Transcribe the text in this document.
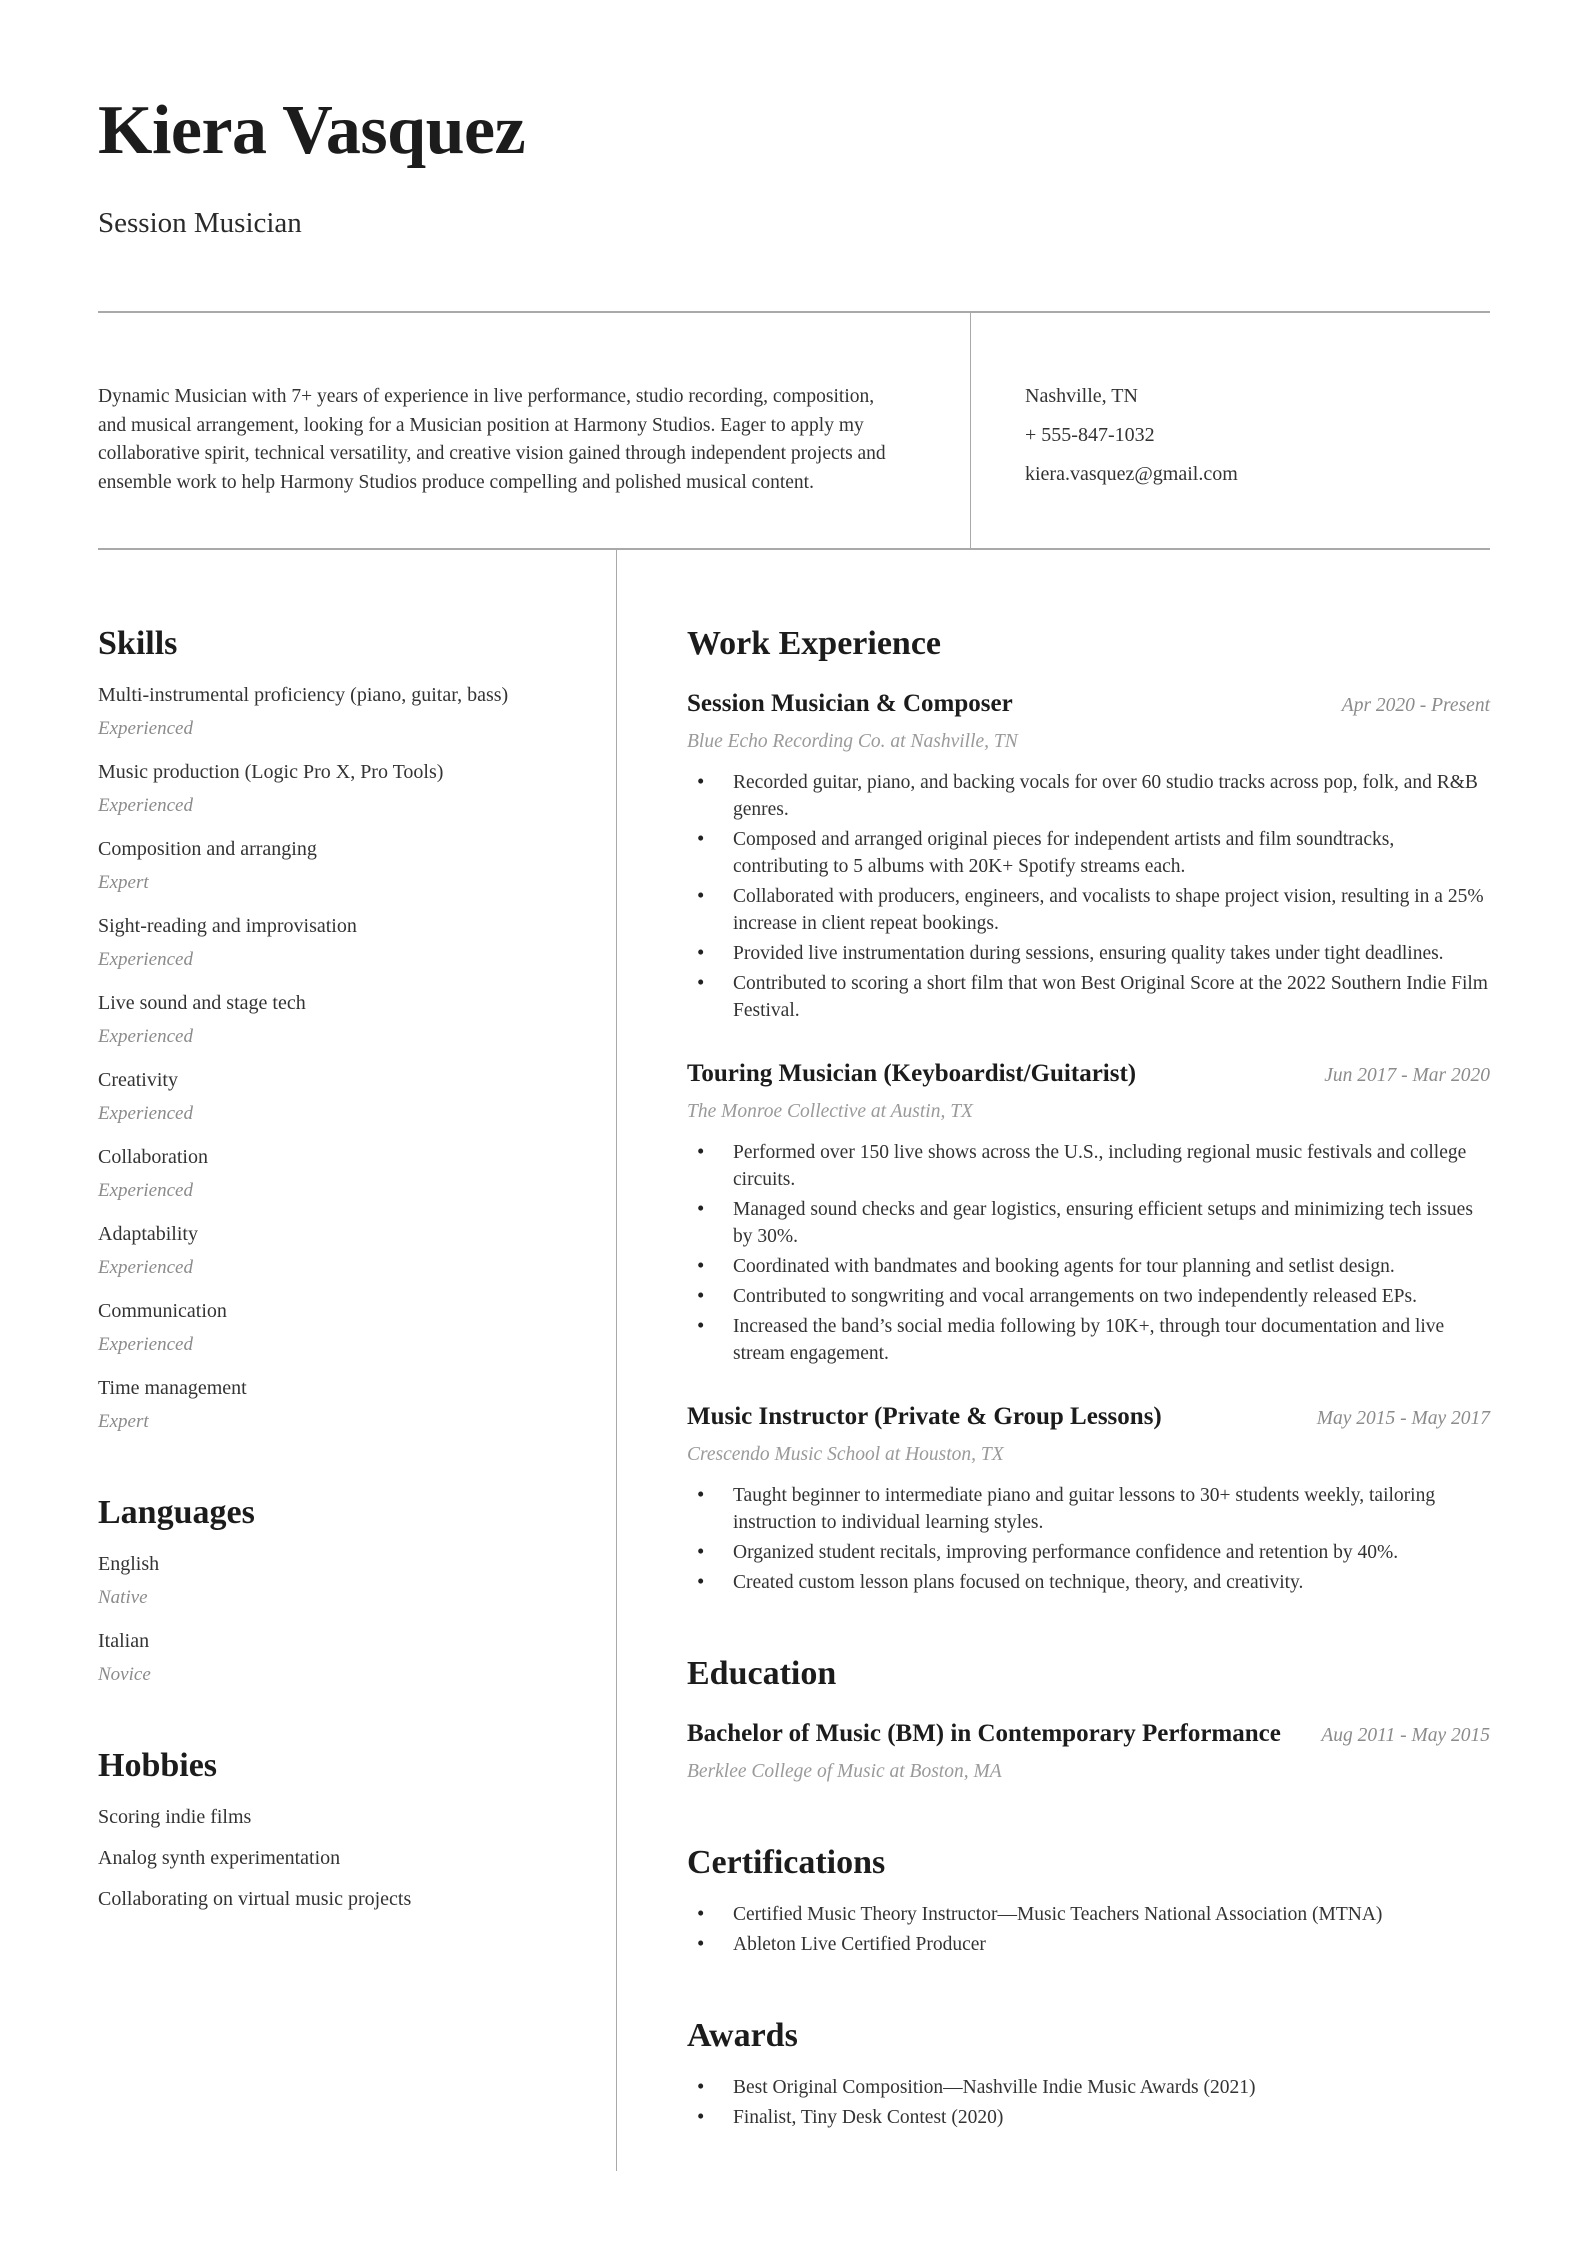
Kiera Vasquez
Session Musician

Dynamic Musician with 7+ years of experience in live performance, studio recording, composition, and musical arrangement, looking for a Musician position at Harmony Studios. Eager to apply my collaborative spirit, technical versatility, and creative vision gained through independent projects and ensemble work to help Harmony Studios produce compelling and polished musical content.

Nashville, TN
+ 555-847-1032
kiera.vasquez@gmail.com
Skills
Multi-instrumental proficiency (piano, guitar, bass)
Experienced
Music production (Logic Pro X, Pro Tools)
Experienced
Composition and arranging
Expert
Sight-reading and improvisation
Experienced
Live sound and stage tech
Experienced
Creativity
Experienced
Collaboration
Experienced
Adaptability
Experienced
Communication
Experienced
Time management
Expert
Languages
English
Native
Italian
Novice
Hobbies
Scoring indie films
Analog synth experimentation
Collaborating on virtual music projects
Work Experience
Session Musician & Composer	Apr 2020 - Present
Blue Echo Recording Co. at Nashville, TN
• Recorded guitar, piano, and backing vocals for over 60 studio tracks across pop, folk, and R&B genres.
• Composed and arranged original pieces for independent artists and film soundtracks, contributing to 5 albums with 20K+ Spotify streams each.
• Collaborated with producers, engineers, and vocalists to shape project vision, resulting in a 25% increase in client repeat bookings.
• Provided live instrumentation during sessions, ensuring quality takes under tight deadlines.
• Contributed to scoring a short film that won Best Original Score at the 2022 Southern Indie Film Festival.
Touring Musician (Keyboardist/Guitarist)	Jun 2017 - Mar 2020
The Monroe Collective at Austin, TX
• Performed over 150 live shows across the U.S., including regional music festivals and college circuits.
• Managed sound checks and gear logistics, ensuring efficient setups and minimizing tech issues by 30%.
• Coordinated with bandmates and booking agents for tour planning and setlist design.
• Contributed to songwriting and vocal arrangements on two independently released EPs.
• Increased the band’s social media following by 10K+, through tour documentation and live stream engagement.
Music Instructor (Private & Group Lessons)	May 2015 - May 2017
Crescendo Music School at Houston, TX
• Taught beginner to intermediate piano and guitar lessons to 30+ students weekly, tailoring instruction to individual learning styles.
• Organized student recitals, improving performance confidence and retention by 40%.
• Created custom lesson plans focused on technique, theory, and creativity.
Education
Bachelor of Music (BM) in Contemporary Performance Aug 2011 - May 2015
Berklee College of Music at Boston, MA
Certifications
• Certified Music Theory Instructor—Music Teachers National Association (MTNA)
• Ableton Live Certified Producer
Awards
• Best Original Composition—Nashville Indie Music Awards (2021)
• Finalist, Tiny Desk Contest (2020)
